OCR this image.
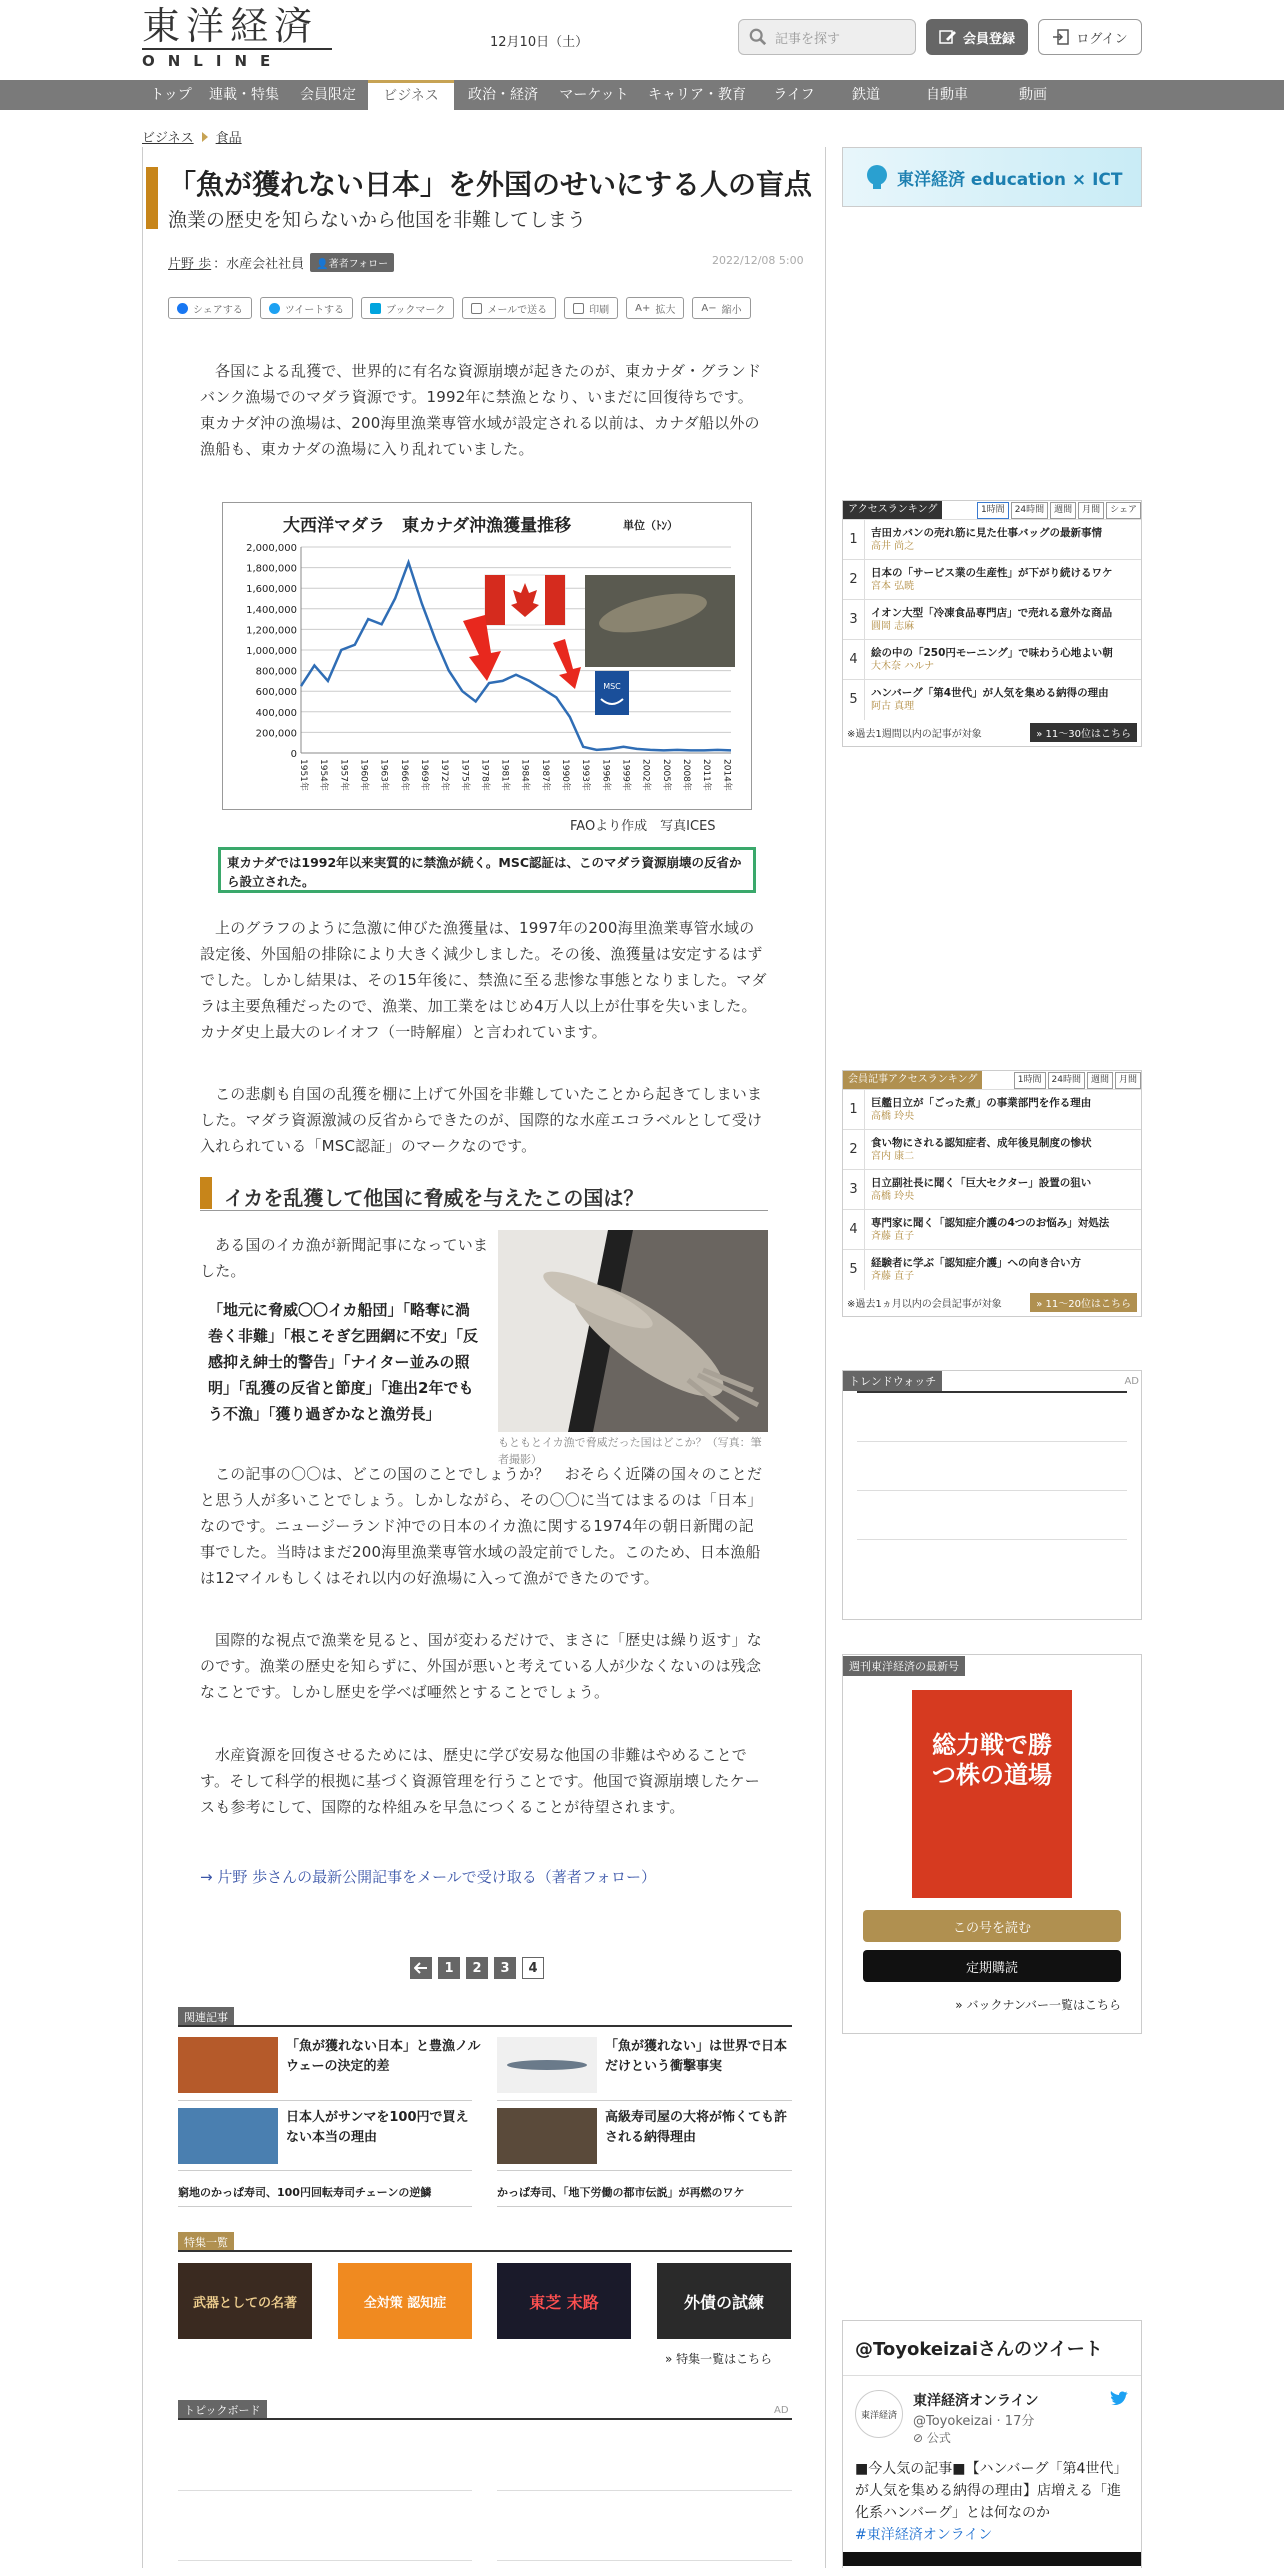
東洋経済
ONLINE
12月10日（土）	記事を探す	会員登録	ログイン
トップ	連載・特集	会員限定	ビジネス	政治・経済	マーケット	キャリア・教育	ライフ	鉄道	自動車	動画
ビジネス 食品
「魚が獲れない日本」を外国のせいにする人の盲点
漁業の歴史を知らないから他国を非難してしまう
片野 歩 ：水産会社社員	👤著者フォロー	2022/12/08 5:00
シェアする	ツイートする	ブックマーク	メールで送る	印刷	A+ 拡大	A− 縮小

各国による乱獲で、世界的に有名な資源崩壊が起きたのが、東カナダ・グランドバンク漁場でのマダラ資源です。1992年に禁漁となり、いまだに回復待ちです。東カナダ沖の漁場は、200海里漁業専管水域が設定される以前は、カナダ船以外の漁船も、東カナダの漁場に入り乱れていました。

大西洋マダラ　東カナダ沖漁獲量推移	単位（ﾄﾝ）
2,000,000
1,800,000
1,600,000
1,400,000
1,200,000
1,000,000
800,000
600,000
400,000
200,000
0
1951年 1954年 1957年 1960年 1963年 1966年 1969年 1972年 1975年 1978年 1981年 1984年 1987年 1990年 1993年 1996年 1999年 2002年 2005年 2008年 2011年 2014年
MSC
FAOより作成　写真ICES
東カナダでは1992年以来実質的に禁漁が続く。MSC認証は、このマダラ資源崩壊の反省から設立された。

上のグラフのように急激に伸びた漁獲量は、1997年の200海里漁業専管水域の設定後、外国船の排除により大きく減少しました。その後、漁獲量は安定するはずでした。しかし結果は、その15年後に、禁漁に至る悲惨な事態となりました。マダラは主要魚種だったので、漁業、加工業をはじめ4万人以上が仕事を失いました。カナダ史上最大のレイオフ（一時解雇）と言われています。

この悲劇も自国の乱獲を棚に上げて外国を非難していたことから起きてしまいました。マダラ資源激減の反省からできたのが、国際的な水産エコラベルとして受け入れられている「MSC認証」のマークなのです。

イカを乱獲して他国に脅威を与えたこの国は？

ある国のイカ漁が新聞記事になっていました。

「地元に脅威〇〇イカ船団」「略奪に渦巻く非難」「根こそぎ乞囲網に不安」「反感抑え紳士的警告」「ナイター並みの照明」「乱獲の反省と節度」「進出2年でもう不漁」「獲り過ぎかなと漁労長」

もともとイカ漁で脅威だった国はどこか？（写真：筆者撮影）

この記事の〇〇は、どこの国のことでしょうか？　おそらく近隣の国々のことだと思う人が多いことでしょう。しかしながら、その〇〇に当てはまるのは「日本」なのです。ニュージーランド沖での日本のイカ漁に関する1974年の朝日新聞の記事でした。当時はまだ200海里漁業専管水域の設定前でした。このため、日本漁船は12マイルもしくはそれ以内の好漁場に入って漁ができたのです。

国際的な視点で漁業を見ると、国が変わるだけで、まさに「歴史は繰り返す」なのです。漁業の歴史を知らずに、外国が悪いと考えている人が少なくないのは残念なことです。しかし歴史を学べば唖然とすることでしょう。

水産資源を回復させるためには、歴史に学び安易な他国の非難はやめることです。そして科学的根拠に基づく資源管理を行うことです。他国で資源崩壊したケースも参考にして、国際的な枠組みを早急につくることが待望されます。

→ 片野 歩さんの最新公開記事をメールで受け取る（著者フォロー）
1	2	3	4
関連記事
「魚が獲れない日本」と豊漁ノルウェーの決定的差
「魚が獲れない」は世界で日本だけという衝撃事実
日本人がサンマを100円で買えない本当の理由
高級寿司屋の大将が怖くても許される納得理由
窮地のかっぱ寿司、100円回転寿司チェーンの逆鱗	かっぱ寿司、「地下労働の都市伝説」が再燃のワケ
特集一覧
武器としての名著	全対策 認知症	東芝 末路	外債の試練
» 特集一覧はこちら
トピックボード	AD
東洋経済 education × ICT
アクセスランキング	1時間	24時間	週間	月間	シェア
1	吉田カバンの売れ筋に見た仕事バッグの最新事情
高井 尚之
2	日本の「サービス業の生産性」が下がり続けるワケ
宮本 弘暁
3	イオン大型「冷凍食品専門店」で売れる意外な商品
圓岡 志麻
4	絵の中の「250円モーニング」で味わう心地よい朝
大木奈 ハルナ
5	ハンバーグ「第4世代」が人気を集める納得の理由
阿古 真理
※過去1週間以内の記事が対象	» 11～30位はこちら
会員記事アクセスランキング	1時間	24時間	週間	月間
1	巨艦日立が「ごった煮」の事業部門を作る理由
高橋 玲央
2	食い物にされる認知症者、成年後見制度の惨状
宮内 康二
3	日立副社長に聞く「巨大セクター」設置の狙い
高橋 玲央
4	専門家に聞く「認知症介護の4つのお悩み」対処法
斉藤 直子
5	経験者に学ぶ「認知症介護」への向き合い方
斉藤 直子
※過去1ヵ月以内の会員記事が対象	» 11～20位はこちら
トレンドウォッチ	AD
週刊東洋経済の最新号
総力戦で勝つ株の道場
この号を読む
定期購読
» バックナンバー一覧はこちら
@Toyokeizaiさんのツイート
東洋経済
東洋経済オンライン
@Toyokeizai · 17分
⊘ 公式
■今人気の記事■【ハンバーグ「第4世代」が人気を集める納得の理由】店増える「進化系ハンバーグ」とは何なのか
#東洋経済オンライン
